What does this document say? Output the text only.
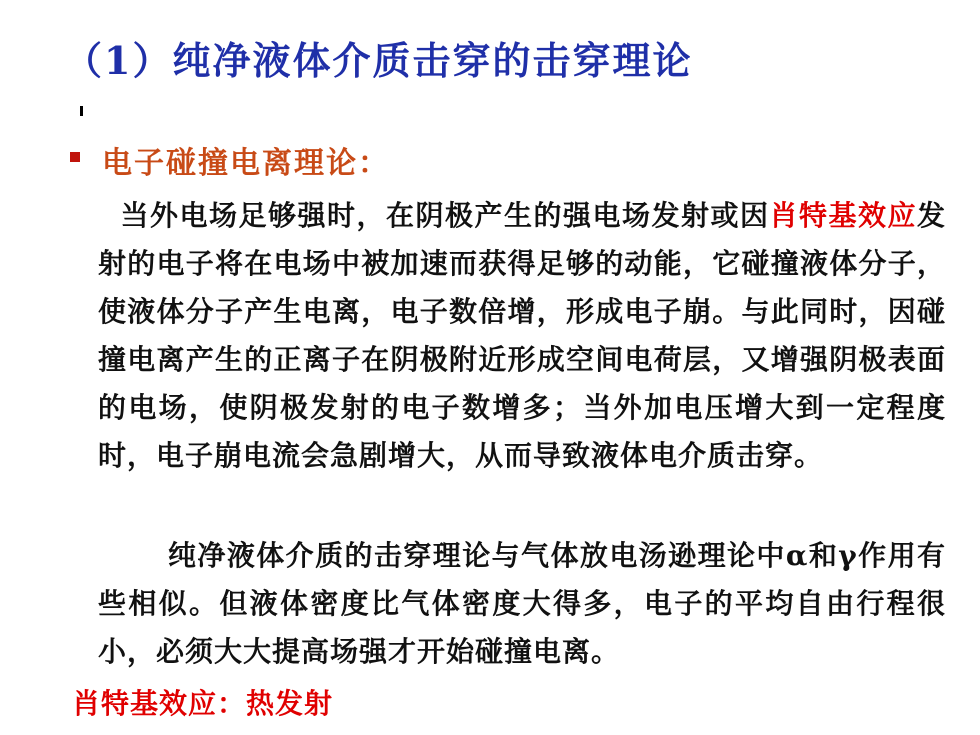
（1）纯净液体介质击穿的击穿理论
电子碰撞电离理论：
当外电场足够强时，在阴极产生的强电场发射或因肖特基效应发射的电子将在电场中被加速而获得足够的动能，它碰撞液体分子，使液体分子产生电离，电子数倍增，形成电子崩。与此同时，因碰撞电离产生的正离子在阴极附近形成空间电荷层，又增强阴极表面的电场，使阴极发射的电子数增多；当外加电压增大到一定程度时，电子崩电流会急剧增大，从而导致液体电介质击穿。
纯净液体介质的击穿理论与气体放电汤逊理论中α和γ作用有些相似。但液体密度比气体密度大得多，电子的平均自由行程很小，必须大大提高场强才开始碰撞电离。
肖特基效应：热发射
